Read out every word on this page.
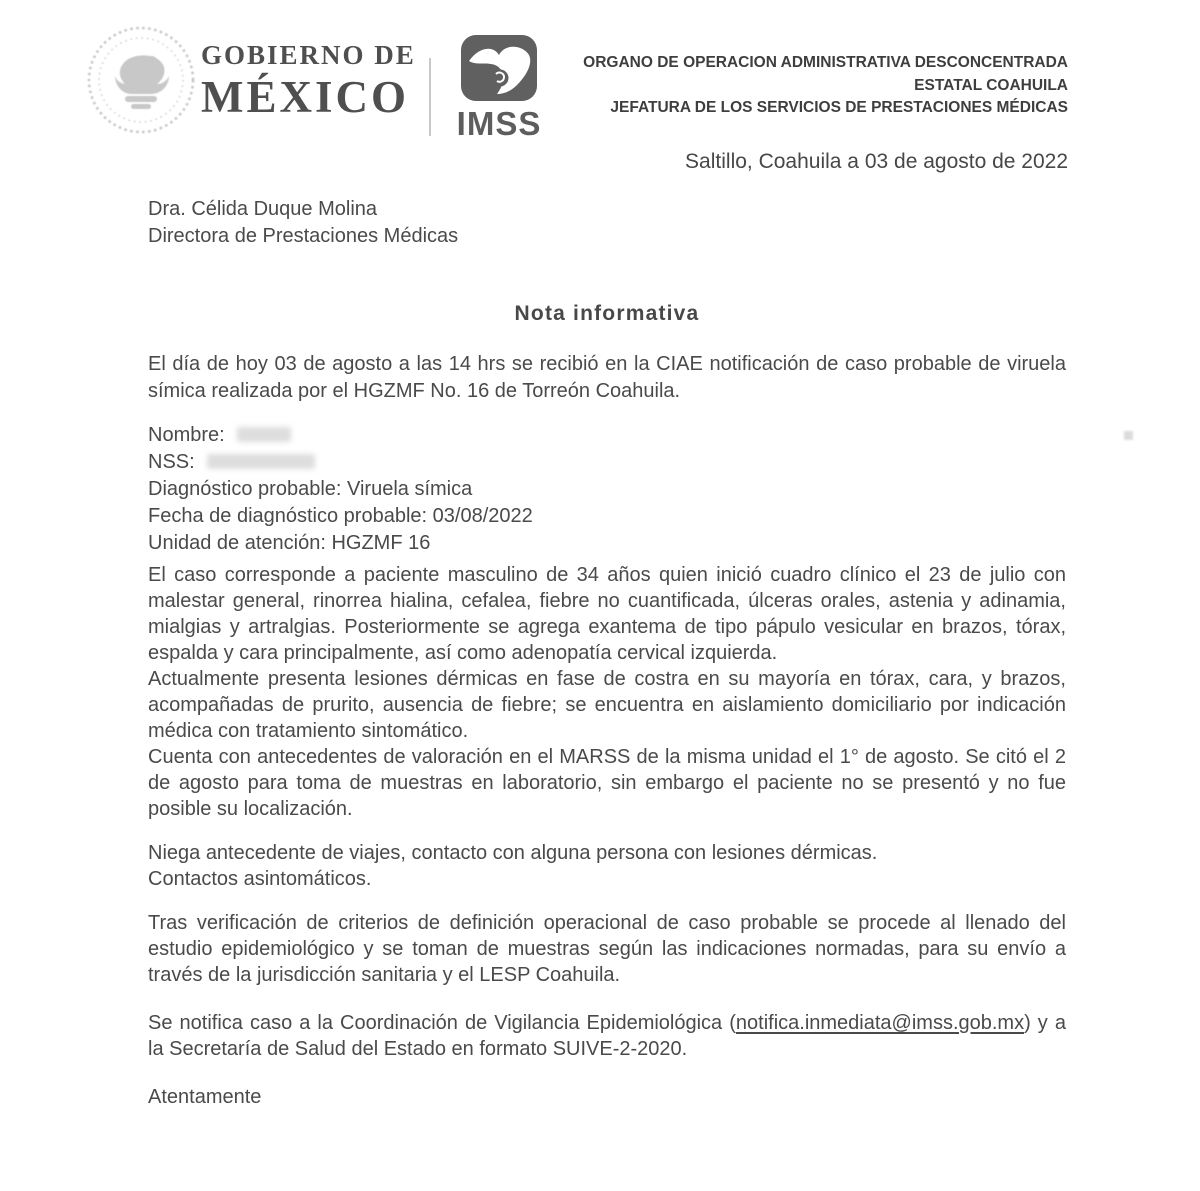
GOBIERNO DE
MÉXICO
IMSS
ORGANO DE OPERACION ADMINISTRATIVA DESCONCENTRADA
ESTATAL COAHUILA
JEFATURA DE LOS SERVICIOS DE PRESTACIONES MÉDICAS
Saltillo, Coahuila a 03 de agosto de 2022

Dra. Célida Duque Molina

Directora de Prestaciones Médicas

Nota informativa

El día de hoy 03 de agosto a las 14 hrs se recibió en la CIAE notificación de caso probable de viruela símica realizada por el HGZMF No. 16 de Torreón Coahuila.

Nombre:

NSS:

Diagnóstico probable: Viruela símica

Fecha de diagnóstico probable: 03/08/2022

Unidad de atención: HGZMF 16

El caso corresponde a paciente masculino de 34 años quien inició cuadro clínico el 23 de julio con malestar general, rinorrea hialina, cefalea, fiebre no cuantificada, úlceras orales, astenia y adinamia, mialgias y artralgias. Posteriormente se agrega exantema de tipo pápulo vesicular en brazos, tórax, espalda y cara principalmente, así como adenopatía cervical izquierda.

Actualmente presenta lesiones dérmicas en fase de costra en su mayoría en tórax, cara, y brazos, acompañadas de prurito, ausencia de fiebre; se encuentra en aislamiento domiciliario por indicación médica con tratamiento sintomático.

Cuenta con antecedentes de valoración en el MARSS de la misma unidad el 1° de agosto. Se citó el 2 de agosto para toma de muestras en laboratorio, sin embargo el paciente no se presentó y no fue posible su localización.

Niega antecedente de viajes, contacto con alguna persona con lesiones dérmicas.

Contactos asintomáticos.

Tras verificación de criterios de definición operacional de caso probable se procede al llenado del estudio epidemiológico y se toman de muestras según las indicaciones normadas, para su envío a través de la jurisdicción sanitaria y el LESP Coahuila.

Se notifica caso a la Coordinación de Vigilancia Epidemiológica (notifica.inmediata@imss.gob.mx) y a la Secretaría de Salud del Estado en formato SUIVE-2-2020.

Atentamente
